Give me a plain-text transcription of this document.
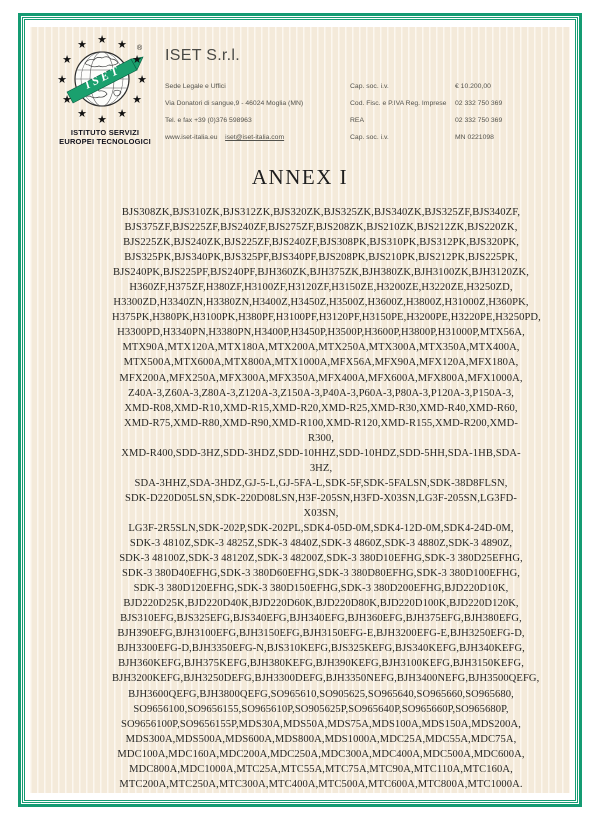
ISET
®
★ ★
★
★
★
★
★
★
★
★
★
★
ISTITUTO SERVIZI
EUROPEI TECNOLOGICI
ISET S.r.l.
Sede Legale e Uffici	Cap. soc. i.v.	€ 10.200,00
Via Donatori di sangue,9 - 46024 Moglia (MN)	Cod. Fisc. e P.IVA Reg. Imprese	02 332 750 369
Tel. e fax +39 (0)376 598963	REA	02 332 750 369
www.iset-italia.eu iset@iset-italia.com	Cap. soc. i.v.	MN 0221098
ANNEX I
BJS308ZK,BJS310ZK,BJS312ZK,BJS320ZK,BJS325ZK,BJS340ZK,BJS325ZF,BJS340ZF,
BJS375ZF,BJS225ZF,BJS240ZF,BJS275ZF,BJS208ZK,BJS210ZK,BJS212ZK,BJS220ZK,
BJS225ZK,BJS240ZK,BJS225ZF,BJS240ZF,BJS308PK,BJS310PK,BJS312PK,BJS320PK,
BJS325PK,BJS340PK,BJS325PF,BJS340PF,BJS208PK,BJS210PK,BJS212PK,BJS225PK,
BJS240PK,BJS225PF,BJS240PF,BJH360ZK,BJH375ZK,BJH380ZK,BJH3100ZK,BJH3120ZK,
H360ZF,H375ZF,H380ZF,H3100ZF,H3120ZF,H3150ZE,H3200ZE,H3220ZE,H3250ZD,
H3300ZD,H3340ZN,H3380ZN,H3400Z,H3450Z,H3500Z,H3600Z,H3800Z,H31000Z,H360PK,
H375PK,H380PK,H3100PK,H380PF,H3100PF,H3120PF,H3150PE,H3200PE,H3220PE,H3250PD,
H3300PD,H3340PN,H3380PN,H3400P,H3450P,H3500P,H3600P,H3800P,H31000P,MTX56A,
MTX90A,MTX120A,MTX180A,MTX200A,MTX250A,MTX300A,MTX350A,MTX400A,
MTX500A,MTX600A,MTX800A,MTX1000A,MFX56A,MFX90A,MFX120A,MFX180A,
MFX200A,MFX250A,MFX300A,MFX350A,MFX400A,MFX600A,MFX800A,MFX1000A,
Z40A-3,Z60A-3,Z80A-3,Z120A-3,Z150A-3,P40A-3,P60A-3,P80A-3,P120A-3,P150A-3,
XMD-R08,XMD-R10,XMD-R15,XMD-R20,XMD-R25,XMD-R30,XMD-R40,XMD-R60,
XMD-R75,XMD-R80,XMD-R90,XMD-R100,XMD-R120,XMD-R155,XMD-R200,XMD-R300,
XMD-R400,SDD-3HZ,SDD-3HDZ,SDD-10HHZ,SDD-10HDZ,SDD-5HH,SDA-1HB,SDA-3HZ,
SDA-3HHZ,SDA-3HDZ,GJ-5-L,GJ-5FA-L,SDK-5F,SDK-5FALSN,SDK-38D8FLSN,
SDK-D220D05LSN,SDK-220D08LSN,H3F-205SN,H3FD-X03SN,LG3F-205SN,LG3FD-X03SN,
LG3F-2R5SLN,SDK-202P,SDK-202PL,SDK4-05D-0M,SDK4-12D-0M,SDK4-24D-0M,
SDK-3 4810Z,SDK-3 4825Z,SDK-3 4840Z,SDK-3 4860Z,SDK-3 4880Z,SDK-3 4890Z,
SDK-3 48100Z,SDK-3 48120Z,SDK-3 48200Z,SDK-3 380D10EFHG,SDK-3 380D25EFHG,
SDK-3 380D40EFHG,SDK-3 380D60EFHG,SDK-3 380D80EFHG,SDK-3 380D100EFHG,
SDK-3 380D120EFHG,SDK-3 380D150EFHG,SDK-3 380D200EFHG,BJD220D10K,
BJD220D25K,BJD220D40K,BJD220D60K,BJD220D80K,BJD220D100K,BJD220D120K,
BJS310EFG,BJS325EFG,BJS340EFG,BJH340EFG,BJH360EFG,BJH375EFG,BJH380EFG,
BJH390EFG,BJH3100EFG,BJH3150EFG,BJH3150EFG-E,BJH3200EFG-E,BJH3250EFG-D,
BJH3300EFG-D,BJH3350EFG-N,BJS310KEFG,BJS325KEFG,BJS340KEFG,BJH340KEFG,
BJH360KEFG,BJH375KEFG,BJH380KEFG,BJH390KEFG,BJH3100KEFG,BJH3150KEFG,
BJH3200KEFG,BJH3250DEFG,BJH3300DEFG,BJH3350NEFG,BJH3400NEFG,BJH3500QEFG,
BJH3600QEFG,BJH3800QEFG,SO965610,SO905625,SO965640,SO965660,SO965680,
SO9656100,SO9656155,SO965610P,SO905625P,SO965640P,SO965660P,SO965680P,
SO9656100P,SO9656155P,MDS30A,MDS50A,MDS75A,MDS100A,MDS150A,MDS200A,
MDS300A,MDS500A,MDS600A,MDS800A,MDS1000A,MDC25A,MDC55A,MDC75A,
MDC100A,MDC160A,MDC200A,MDC250A,MDC300A,MDC400A,MDC500A,MDC600A,
MDC800A,MDC1000A,MTC25A,MTC55A,MTC75A,MTC90A,MTC110A,MTC160A,
MTC200A,MTC250A,MTC300A,MTC400A,MTC500A,MTC600A,MTC800A,MTC1000A.
